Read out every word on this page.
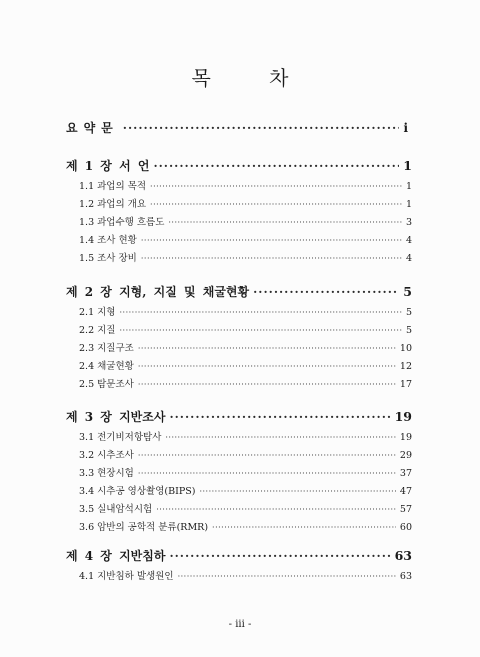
목 차
요약문 ·····	i
제 1 장 서 언 ·····	1
1.1 과업의 목적 ·····	1
1.2 과업의 개요 ·····	1
1.3 과업수행 흐름도 ·····	3
1.4 조사 현황 ·····	4
1.5 조사 장비 ·····	4
제 2 장 지형, 지질 및 채굴현황 ·····	5
2.1 지형 ·····	5
2.2 지질 ·····	5
2.3 지질구조 ·····	10
2.4 채굴현황 ·····	12
2.5 탐문조사 ·····	17
제 3 장 지반조사 ·····	19
3.1 전기비저항탐사 ·····	19
3.2 시추조사 ·····	29
3.3 현장시험 ·····	37
3.4 시추공 영상촬영(BIPS) ·····	47
3.5 실내암석시험 ·····	57
3.6 암반의 공학적 분류(RMR) ·····	60
제 4 장 지반침하 ·····	63
4.1 지반침하 발생원인 ·····	63
- iii -
